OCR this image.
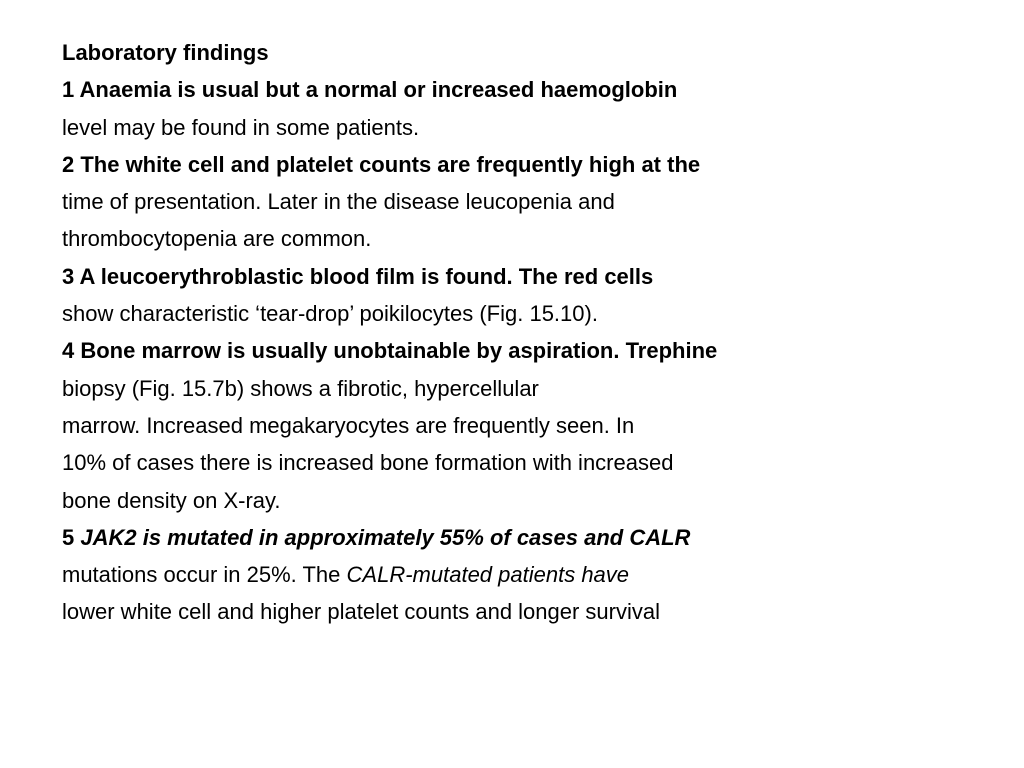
Laboratory findings
1 Anaemia is usual but a normal or increased haemoglobin
level may be found in some patients.
2 The white cell and platelet counts are frequently high at the
time of presentation. Later in the disease leucopenia and
thrombocytopenia are common.
3 A leucoerythroblastic blood film is found. The red cells
show characteristic ‘tear-drop’ poikilocytes (Fig. 15.10).
4 Bone marrow is usually unobtainable by aspiration. Trephine
biopsy (Fig. 15.7b) shows a fibrotic, hypercellular
marrow. Increased megakaryocytes are frequently seen. In
10% of cases there is increased bone formation with increased
bone density on X-ray.
5 JAK2 is mutated in approximately 55% of cases and CALR
mutations occur in 25%. The CALR-mutated patients have
lower white cell and higher platelet counts and longer survival
